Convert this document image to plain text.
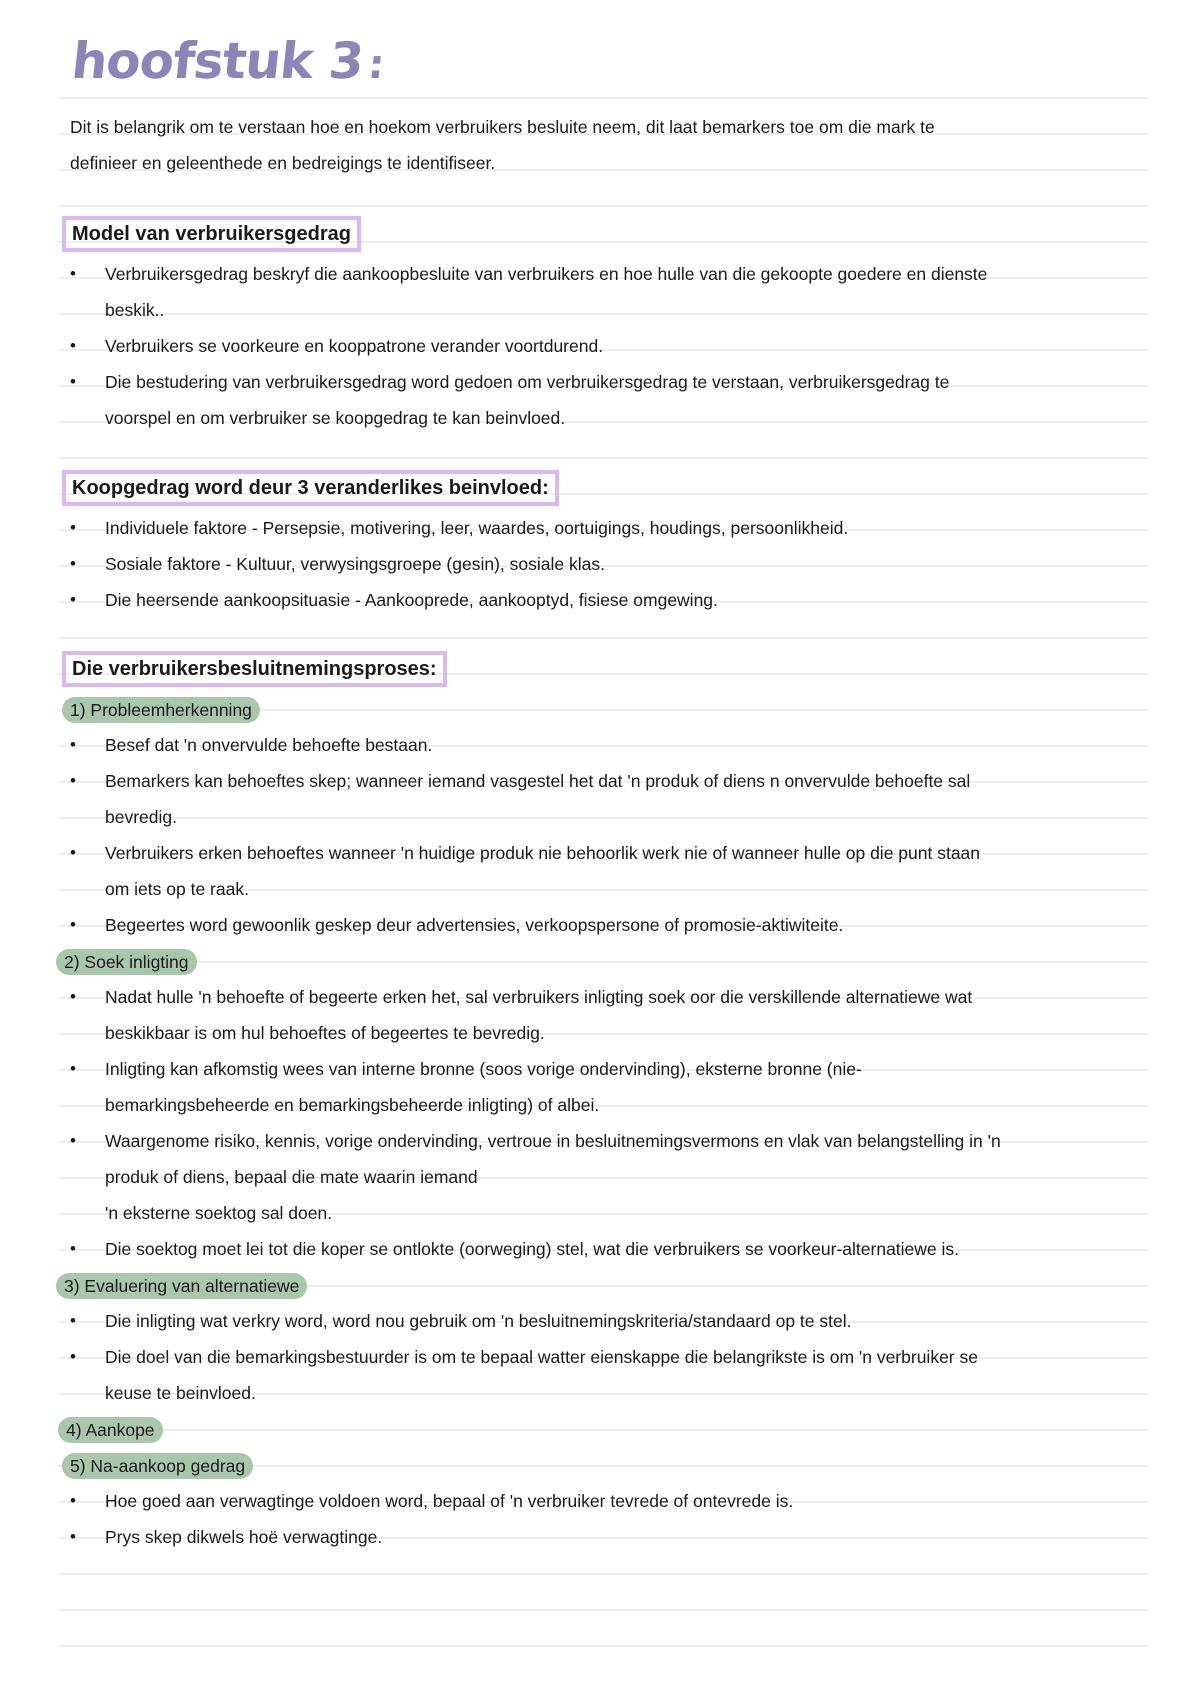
hoofstuk 3:
Dit is belangrik om te verstaan hoe en hoekom verbruikers besluite neem, dit laat bemarkers toe om die mark te
definieer en geleenthede en bedreigings te identifiseer.
Model van verbruikersgedrag
• Verbruikersgedrag beskryf die aankoopbesluite van verbruikers en hoe hulle van die gekoopte goedere en dienste
beskik..
• Verbruikers se voorkeure en kooppatrone verander voortdurend.
• Die bestudering van verbruikersgedrag word gedoen om verbruikersgedrag te verstaan, verbruikersgedrag te
voorspel en om verbruiker se koopgedrag te kan beinvloed.
Koopgedrag word deur 3 veranderlikes beinvloed:
• Individuele faktore - Persepsie, motivering, leer, waardes, oortuigings, houdings, persoonlikheid.
• Sosiale faktore - Kultuur, verwysingsgroepe (gesin), sosiale klas.
• Die heersende aankoopsituasie - Aankooprede, aankooptyd, fisiese omgewing.
Die verbruikersbesluitnemingsproses:
1) Probleemherkenning
• Besef dat 'n onvervulde behoefte bestaan.
• Bemarkers kan behoeftes skep; wanneer iemand vasgestel het dat 'n produk of diens n onvervulde behoefte sal
bevredig.
• Verbruikers erken behoeftes wanneer 'n huidige produk nie behoorlik werk nie of wanneer hulle op die punt staan
om iets op te raak.
• Begeertes word gewoonlik geskep deur advertensies, verkoopspersone of promosie-aktiwiteite.
2) Soek inligting
• Nadat hulle 'n behoefte of begeerte erken het, sal verbruikers inligting soek oor die verskillende alternatiewe wat
beskikbaar is om hul behoeftes of begeertes te bevredig.
• Inligting kan afkomstig wees van interne bronne (soos vorige ondervinding), eksterne bronne (nie-
bemarkingsbeheerde en bemarkingsbeheerde inligting) of albei.
• Waargenome risiko, kennis, vorige ondervinding, vertroue in besluitnemingsvermons en vlak van belangstelling in 'n
produk of diens, bepaal die mate waarin iemand
'n eksterne soektog sal doen.
• Die soektog moet lei tot die koper se ontlokte (oorweging) stel, wat die verbruikers se voorkeur-alternatiewe is.
3) Evaluering van alternatiewe
• Die inligting wat verkry word, word nou gebruik om 'n besluitnemingskriteria/standaard op te stel.
• Die doel van die bemarkingsbestuurder is om te bepaal watter eienskappe die belangrikste is om 'n verbruiker se
keuse te beinvloed.
4) Aankope
5) Na-aankoop gedrag
• Hoe goed aan verwagtinge voldoen word, bepaal of 'n verbruiker tevrede of ontevrede is.
• Prys skep dikwels hoë verwagtinge.
